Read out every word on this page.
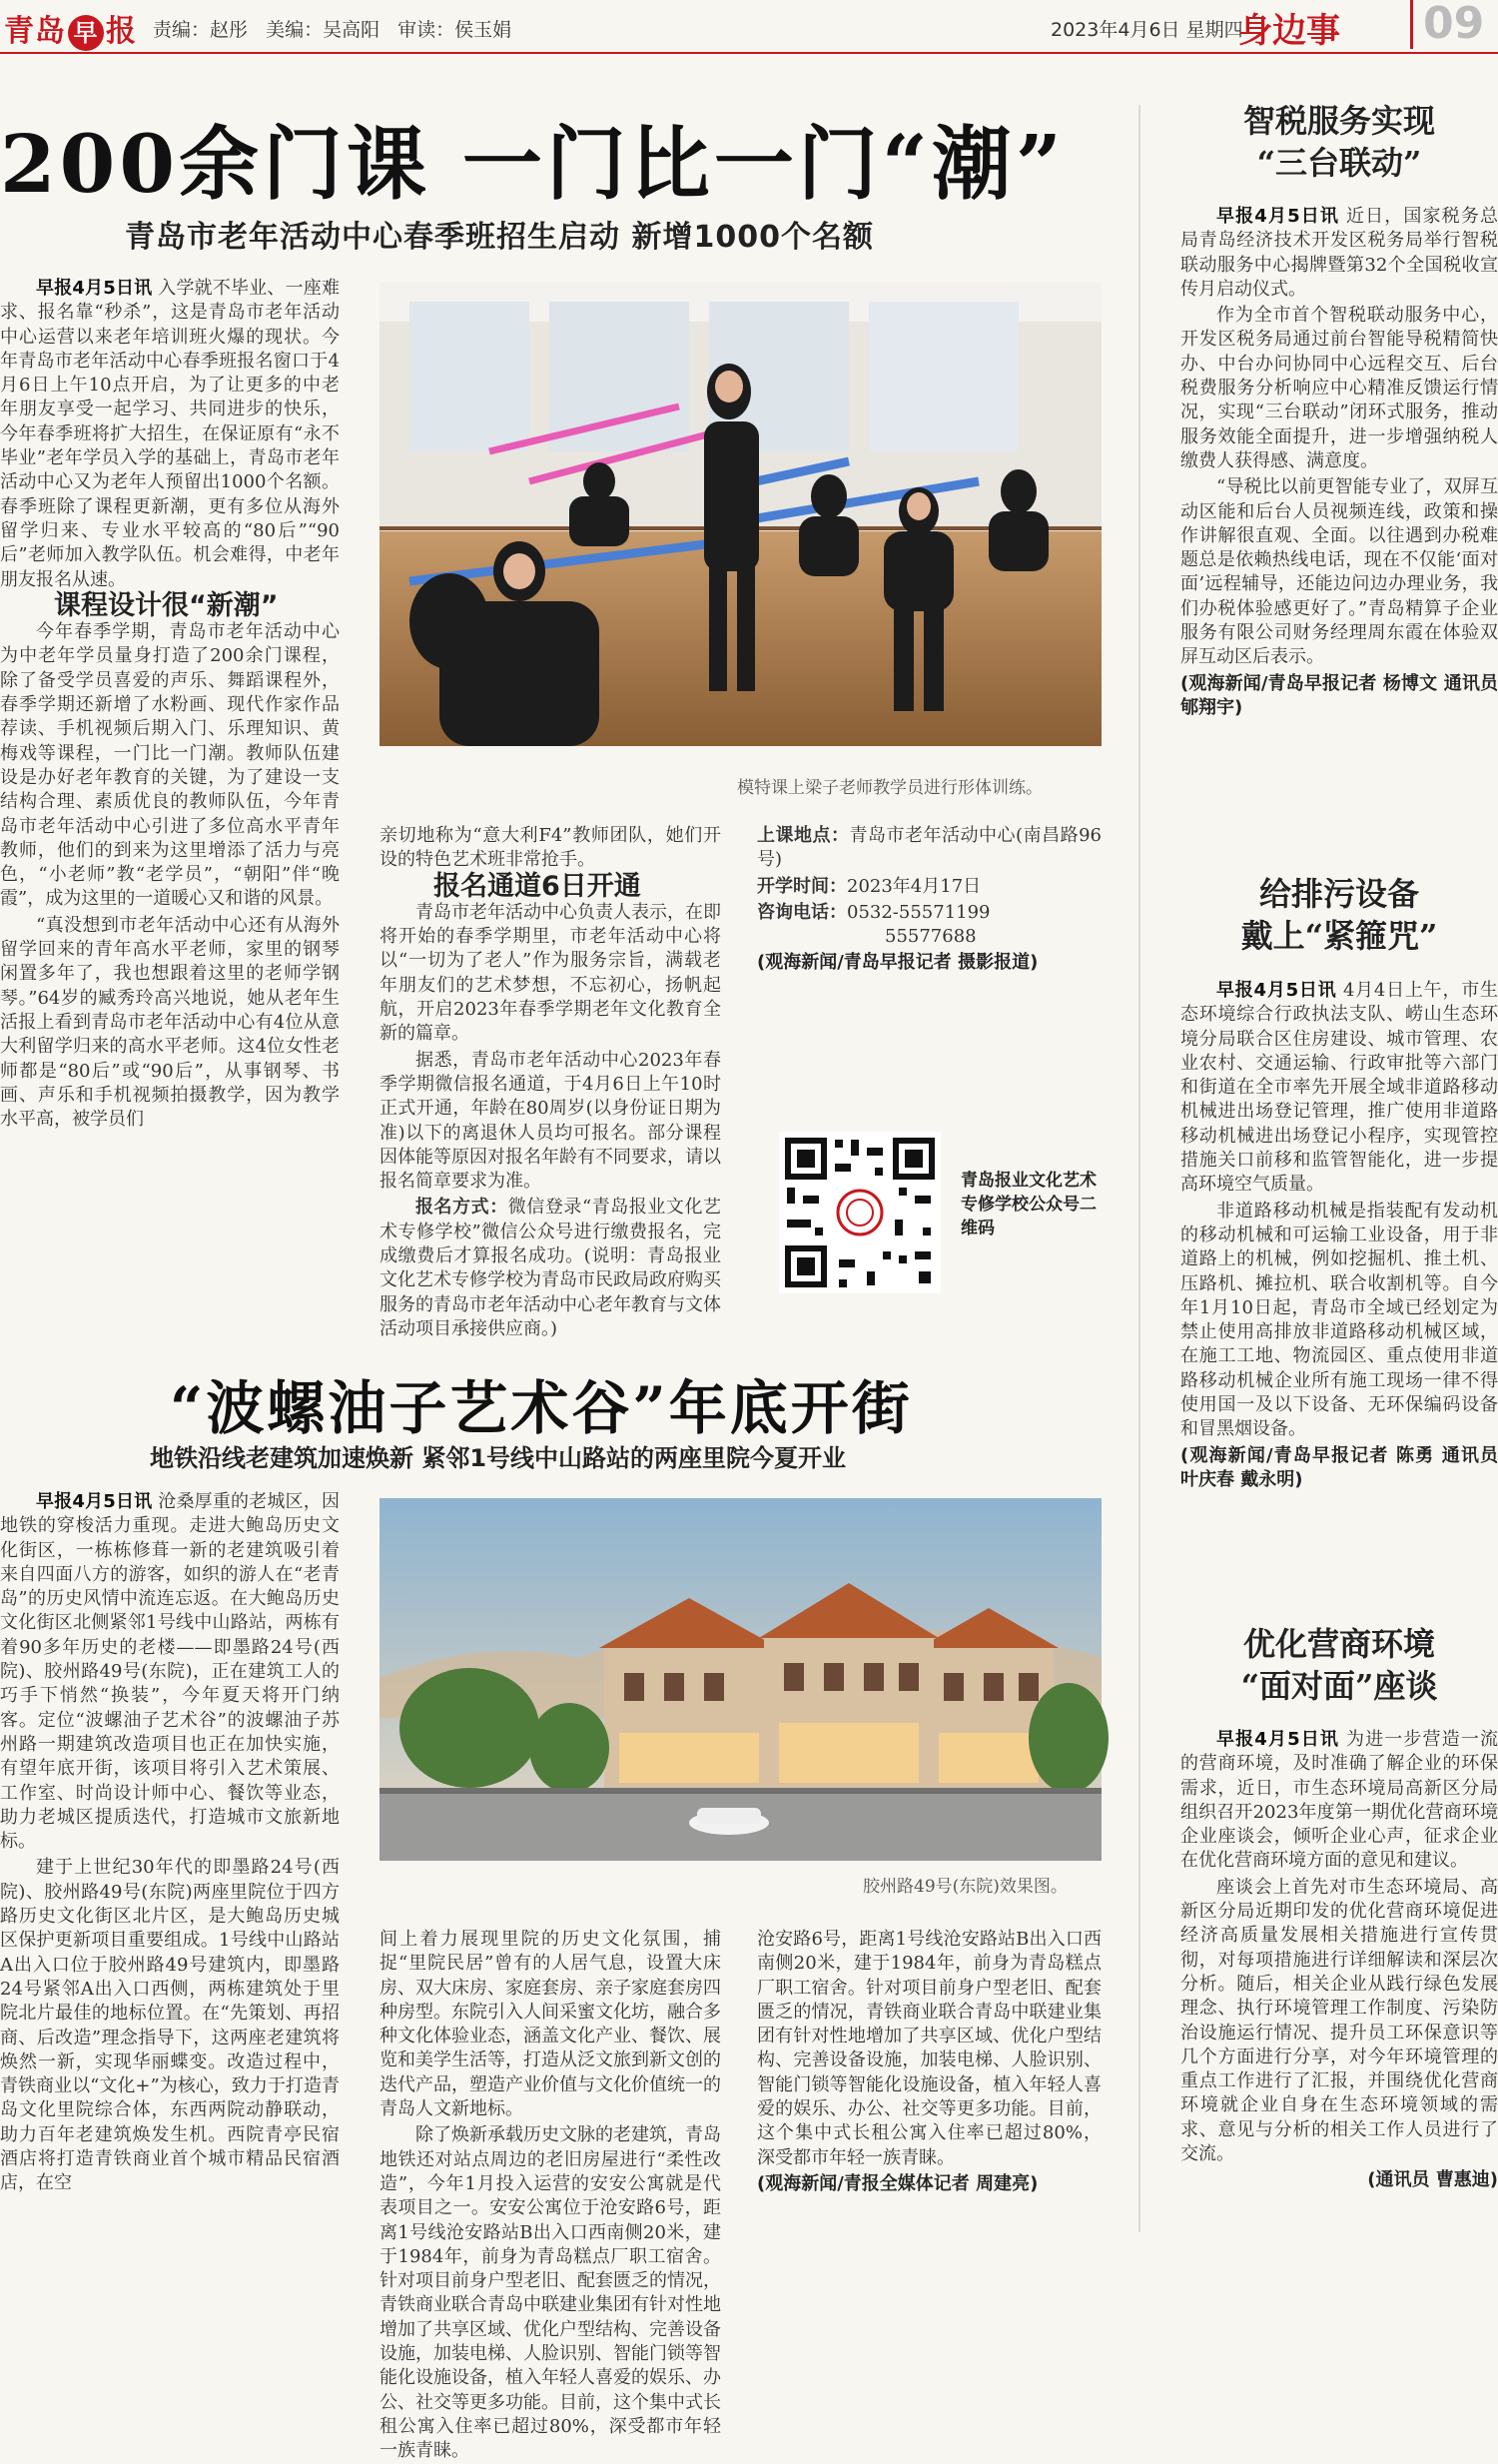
青岛 早 报 责编：赵彤 美编：吴高阳 审读：侯玉娟	2023年4月6日 星期四
身边事 09
200余门课 一门比一门“潮”
青岛市老年活动中心春季班招生启动 新增1000个名额

早报4月5日讯 入学就不毕业、一座难求、报名靠“秒杀”，这是青岛市老年活动中心运营以来老年培训班火爆的现状。今年青岛市老年活动中心春季班报名窗口于4月6日上午10点开启，为了让更多的中老年朋友享受一起学习、共同进步的快乐，今年春季班将扩大招生，在保证原有“永不毕业”老年学员入学的基础上，青岛市老年活动中心又为老年人预留出1000个名额。春季班除了课程更新潮，更有多位从海外留学归来、专业水平较高的“80后”“90后”老师加入教学队伍。机会难得，中老年朋友报名从速。

课程设计很“新潮”

今年春季学期，青岛市老年活动中心为中老年学员量身打造了200余门课程，除了备受学员喜爱的声乐、舞蹈课程外，春季学期还新增了水粉画、现代作家作品荐读、手机视频后期入门、乐理知识、黄梅戏等课程，一门比一门潮。教师队伍建设是办好老年教育的关键，为了建设一支结构合理、素质优良的教师队伍，今年青岛市老年活动中心引进了多位高水平青年教师，他们的到来为这里增添了活力与亮色，“小老师”教“老学员”，“朝阳”伴“晚霞”，成为这里的一道暖心又和谐的风景。

“真没想到市老年活动中心还有从海外留学回来的青年高水平老师，家里的钢琴闲置多年了，我也想跟着这里的老师学钢琴。”64岁的臧秀玲高兴地说，她从老年生活报上看到青岛市老年活动中心有4位从意大利留学归来的高水平老师。这4位女性老师都是“80后”或“90后”，从事钢琴、书画、声乐和手机视频拍摄教学，因为教学水平高，被学员们

模特课上梁子老师教学员进行形体训练。

亲切地称为“意大利F4”教师团队，她们开设的特色艺术班非常抢手。

报名通道6日开通

青岛市老年活动中心负责人表示，在即将开始的春季学期里，市老年活动中心将以“一切为了老人”作为服务宗旨，满载老年朋友们的艺术梦想，不忘初心，扬帆起航，开启2023年春季学期老年文化教育全新的篇章。

据悉，青岛市老年活动中心2023年春季学期微信报名通道，于4月6日上午10时正式开通，年龄在80周岁(以身份证日期为准)以下的离退休人员均可报名。部分课程因体能等原因对报名年龄有不同要求，请以报名简章要求为准。

报名方式：微信登录“青岛报业文化艺术专修学校”微信公众号进行缴费报名，完成缴费后才算报名成功。(说明：青岛报业文化艺术专修学校为青岛市民政局政府购买服务的青岛市老年活动中心老年教育与文体活动项目承接供应商。)

上课地点：青岛市老年活动中心(南昌路96号)

开学时间：2023年4月17日

咨询电话：0532-55571199
55577688

(观海新闻/青岛早报记者 摄影报道)

青岛报业文化艺术专修学校公众号二维码
“波螺油子艺术谷”年底开街
地铁沿线老建筑加速焕新 紧邻1号线中山路站的两座里院今夏开业

早报4月5日讯 沧桑厚重的老城区，因地铁的穿梭活力重现。走进大鲍岛历史文化街区，一栋栋修葺一新的老建筑吸引着来自四面八方的游客，如织的游人在“老青岛”的历史风情中流连忘返。在大鲍岛历史文化街区北侧紧邻1号线中山路站，两栋有着90多年历史的老楼——即墨路24号(西院)、胶州路49号(东院)，正在建筑工人的巧手下悄然“换装”，今年夏天将开门纳客。定位“波螺油子艺术谷”的波螺油子苏州路一期建筑改造项目也正在加快实施，有望年底开街，该项目将引入艺术策展、工作室、时尚设计师中心、餐饮等业态，助力老城区提质迭代，打造城市文旅新地标。

建于上世纪30年代的即墨路24号(西院)、胶州路49号(东院)两座里院位于四方路历史文化街区北片区，是大鲍岛历史城区保护更新项目重要组成。1号线中山路站A出入口位于胶州路49号建筑内，即墨路24号紧邻A出入口西侧，两栋建筑处于里院北片最佳的地标位置。在“先策划、再招商、后改造”理念指导下，这两座老建筑将焕然一新，实现华丽蝶变。改造过程中，青铁商业以“文化+”为核心，致力于打造青岛文化里院综合体，东西两院动静联动，助力百年老建筑焕发生机。西院青亭民宿酒店将打造青铁商业首个城市精品民宿酒店，在空

胶州路49号(东院)效果图。

间上着力展现里院的历史文化氛围，捕捉“里院民居”曾有的人居气息，设置大床房、双大床房、家庭套房、亲子家庭套房四种房型。东院引入人间采蜜文化坊，融合多种文化体验业态，涵盖文化产业、餐饮、展览和美学生活等，打造从泛文旅到新文创的迭代产品，塑造产业价值与文化价值统一的青岛人文新地标。

除了焕新承载历史文脉的老建筑，青岛地铁还对站点周边的老旧房屋进行“柔性改造”，今年1月投入运营的安安公寓就是代表项目之一。安安公寓位于沧安路6号，距离1号线沧安路站B出入口西南侧20米，建于1984年，前身为青岛糕点厂职工宿舍。针对项目前身户型老旧、配套匮乏的情况，青铁商业联合青岛中联建业集团有针对性地增加了共享区域、优化户型结构、完善设备设施，加装电梯、人脸识别、智能门锁等智能化设施设备，植入年轻人喜爱的娱乐、办公、社交等更多功能。目前，这个集中式长租公寓入住率已超过80%，深受都市年轻一族青睐。

沧安路6号，距离1号线沧安路站B出入口西南侧20米，建于1984年，前身为青岛糕点厂职工宿舍。针对项目前身户型老旧、配套匮乏的情况，青铁商业联合青岛中联建业集团有针对性地增加了共享区域、优化户型结构、完善设备设施，加装电梯、人脸识别、智能门锁等智能化设施设备，植入年轻人喜爱的娱乐、办公、社交等更多功能。目前，这个集中式长租公寓入住率已超过80%，深受都市年轻一族青睐。

(观海新闻/青报全媒体记者 周建亮)

智税服务实现
“三台联动”

早报4月5日讯 近日，国家税务总局青岛经济技术开发区税务局举行智税联动服务中心揭牌暨第32个全国税收宣传月启动仪式。

作为全市首个智税联动服务中心，开发区税务局通过前台智能导税精简快办、中台办问协同中心远程交互、后台税费服务分析响应中心精准反馈运行情况，实现“三台联动”闭环式服务，推动服务效能全面提升，进一步增强纳税人缴费人获得感、满意度。

“导税比以前更智能专业了，双屏互动区能和后台人员视频连线，政策和操作讲解很直观、全面。以往遇到办税难题总是依赖热线电话，现在不仅能‘面对面’远程辅导，还能边问边办理业务，我们办税体验感更好了。”青岛精算子企业服务有限公司财务经理周东霞在体验双屏互动区后表示。

(观海新闻/青岛早报记者 杨博文 通讯员 郇翔宇)

给排污设备
戴上“紧箍咒”

早报4月5日讯 4月4日上午，市生态环境综合行政执法支队、崂山生态环境分局联合区住房建设、城市管理、农业农村、交通运输、行政审批等六部门和街道在全市率先开展全域非道路移动机械进出场登记管理，推广使用非道路移动机械进出场登记小程序，实现管控措施关口前移和监管智能化，进一步提高环境空气质量。

非道路移动机械是指装配有发动机的移动机械和可运输工业设备，用于非道路上的机械，例如挖掘机、推土机、压路机、摊拉机、联合收割机等。自今年1月10日起，青岛市全域已经划定为禁止使用高排放非道路移动机械区域，在施工工地、物流园区、重点使用非道路移动机械企业所有施工现场一律不得使用国一及以下设备、无环保编码设备和冒黑烟设备。

(观海新闻/青岛早报记者 陈勇 通讯员 叶庆春 戴永明)

优化营商环境
“面对面”座谈

早报4月5日讯 为进一步营造一流的营商环境，及时准确了解企业的环保需求，近日，市生态环境局高新区分局组织召开2023年度第一期优化营商环境企业座谈会，倾听企业心声，征求企业在优化营商环境方面的意见和建议。

座谈会上首先对市生态环境局、高新区分局近期印发的优化营商环境促进经济高质量发展相关措施进行宣传贯彻，对每项措施进行详细解读和深层次分析。随后，相关企业从践行绿色发展理念、执行环境管理工作制度、污染防治设施运行情况、提升员工环保意识等几个方面进行分享，对今年环境管理的重点工作进行了汇报，并围绕优化营商环境就企业自身在生态环境领域的需求、意见与分析的相关工作人员进行了交流。

(通讯员 曹惠迪)
